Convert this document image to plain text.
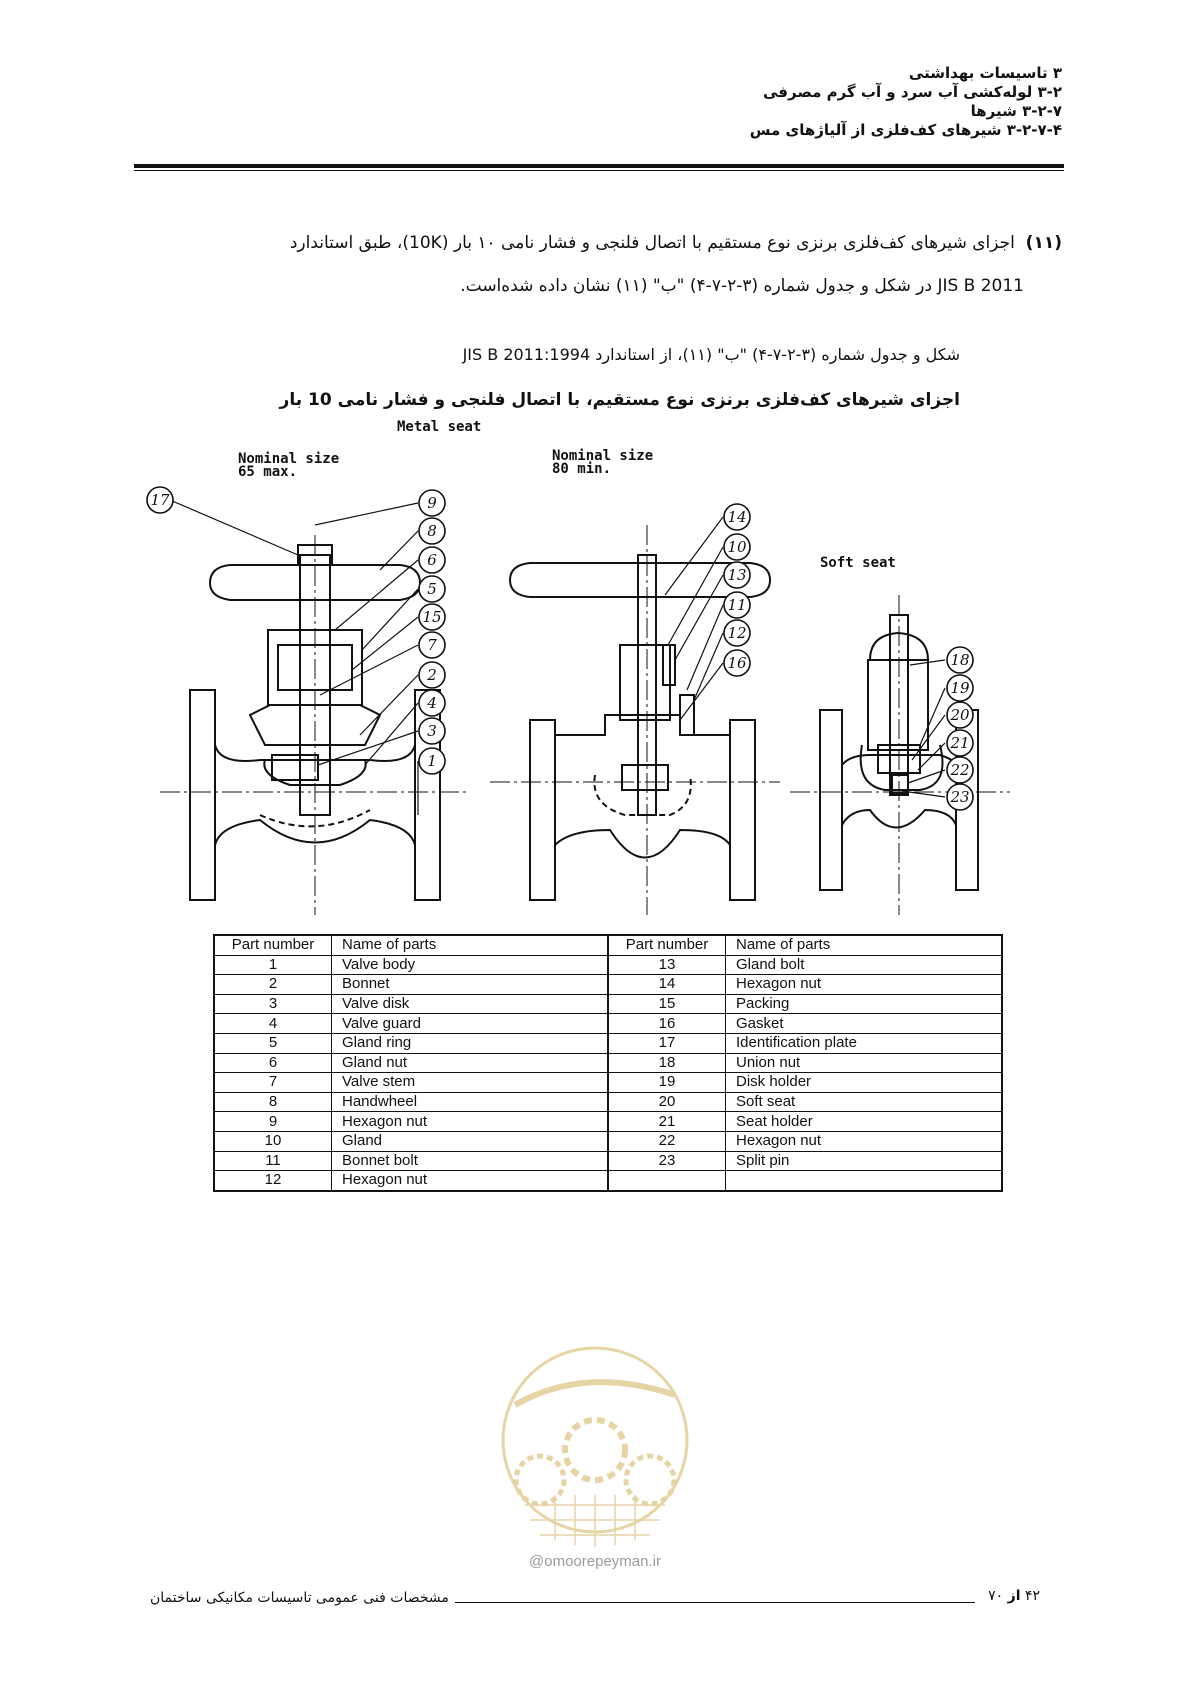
۳ تاسیسات بهداشتی
۳-۲ لوله‌کشی آب سرد و آب گرم مصرفی
۳-۲-۷ شیرها
۳-۲-۷-۴ شیرهای کف‌فلزی از آلیاژهای مس
(۱۱)  اجزای شیرهای کف‌فلزی برنزی نوع مستقیم با اتصال فلنجی و فشار نامی ۱۰ بار (10K)، طبق استاندارد
JIS B 2011 در شکل و جدول شماره (۳-۲-۷-۴) "ب" (۱۱) نشان داده شده‌است.
شکل و جدول شماره (۳-۲-۷-۴) "ب" (۱۱)، از استاندارد JIS B 2011:1994
اجزای شیرهای کف‌فلزی برنزی نوع مستقیم، با اتصال فلنجی و فشار نامی 10 بار
Metal seat
Nominal size
65 max.
Nominal size
80 min.
Soft seat
17	9
8
6
5
15
7
2
4
3
1
14
10
13
11
12
16	18
19
20
21
22
23
Part number	Name of parts	Part number	Name of parts
1	Valve body	13	Gland bolt
2	Bonnet	14	Hexagon nut
3	Valve disk	15	Packing
4	Valve guard	16	Gasket
5	Gland ring	17	Identification plate
6	Gland nut	18	Union nut
7	Valve stem	19	Disk holder
8	Handwheel	20	Soft seat
9	Hexagon nut	21	Seat holder
10	Gland	22	Hexagon nut
11	Bonnet bolt	23	Split pin
12	Hexagon nut		
@omoorepeyman.ir
مشخصات فنی عمومی تاسیسات مکانیکی ساختمان	۴۲ از ۷۰
